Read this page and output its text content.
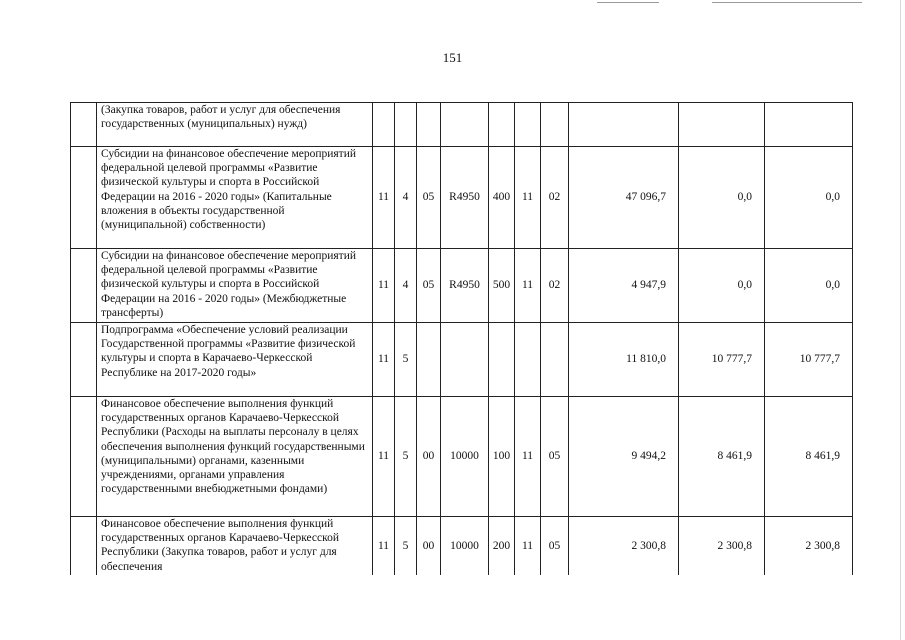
151
	(Закупка товаров, работ и услуг для обеспечения государственных (муниципальных) нужд)										
	Субсидии на финансовое обеспечение мероприятий федеральной целевой программы «Развитие физической культуры и спорта в Российской Федерации на 2016 - 2020 годы» (Капитальные вложения в объекты государственной (муниципальной) собственности)	11	4	05	R4950	400	11	02	47 096,7	0,0	0,0
	Субсидии на финансовое обеспечение мероприятий федеральной целевой программы «Развитие физической культуры и спорта в Российской Федерации на 2016 - 2020 годы» (Межбюджетные трансферты)	11	4	05	R4950	500	11	02	4 947,9	0,0	0,0
	Подпрограмма «Обеспечение условий реализации Государственной программы «Развитие физической культуры и спорта в Карачаево-Черкесской Республике на 2017-2020 годы»	11	5						11 810,0	10 777,7	10 777,7
	Финансовое обеспечение выполнения функций государственных органов Карачаево-Черкесской Республики (Расходы на выплаты персоналу в целях обеспечения выполнения функций государственными (муниципальными) органами, казенными учреждениями, органами управления государственными внебюджетными фондами)	11	5	00	10000	100	11	05	9 494,2	8 461,9	8 461,9
	Финансовое обеспечение выполнения функций государственных органов Карачаево-Черкесской Республики (Закупка товаров, работ и услуг для обеспечения	11	5	00	10000	200	11	05	2 300,8	2 300,8	2 300,8
